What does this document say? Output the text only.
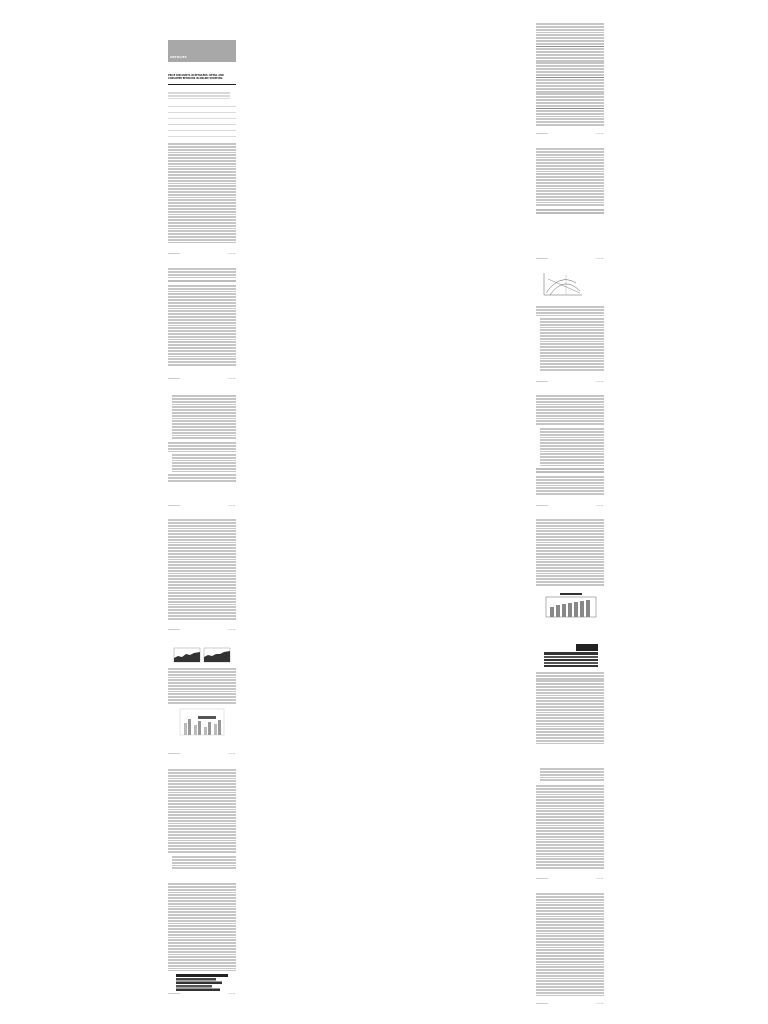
ARTICLES
PRICE DISCOUNTS IN RETAILERS: RETAIL AND CONSUMER BEHAVIOR IN ONLINE SHOPPING
Marketing Review	Vol. 12, 2014
Marketing Review	Vol. 12, 2014
Marketing Review	Vol. 12, 2014
Marketing Review	Vol. 12, 2014
Marketing Review	Vol. 12, 2014
Marketing Review	Vol. 12, 2014
Marketing Review	Vol. 12, 2014
Marketing Review	Vol. 12, 2014
Marketing Review	Vol. 12, 2014
Marketing Review	Vol. 12, 2014
Marketing Review	Vol. 12, 2014
Marketing Review	Vol. 12, 2014
